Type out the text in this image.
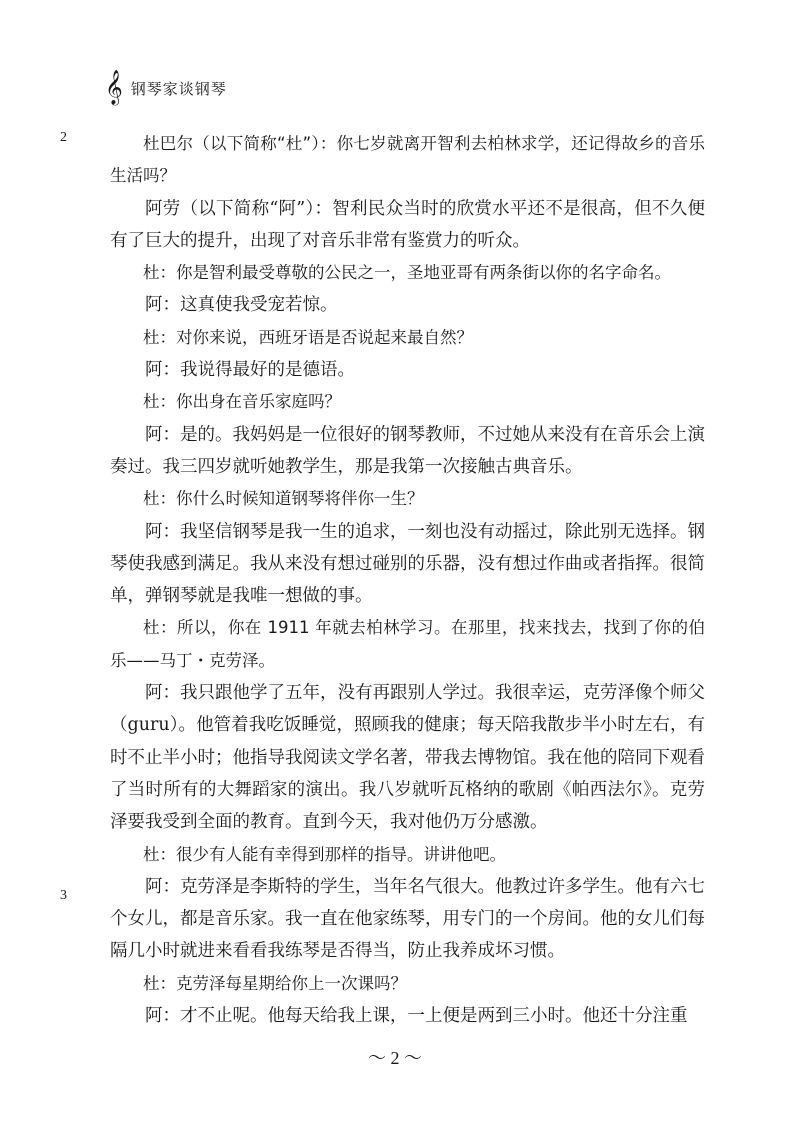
𝄞 钢琴家谈钢琴
2
3

杜巴尔（以下简称“杜”）：你七岁就离开智利去柏林求学，还记得故乡的音乐生活吗？

阿劳（以下简称“阿”）：智利民众当时的欣赏水平还不是很高，但不久便有了巨大的提升，出现了对音乐非常有鉴赏力的听众。

杜：你是智利最受尊敬的公民之一，圣地亚哥有两条街以你的名字命名。

阿：这真使我受宠若惊。

杜：对你来说，西班牙语是否说起来最自然？

阿：我说得最好的是德语。

杜：你出身在音乐家庭吗？

阿：是的。我妈妈是一位很好的钢琴教师，不过她从来没有在音乐会上演奏过。我三四岁就听她教学生，那是我第一次接触古典音乐。

杜：你什么时候知道钢琴将伴你一生？

阿：我坚信钢琴是我一生的追求，一刻也没有动摇过，除此别无选择。钢琴使我感到满足。我从来没有想过碰别的乐器，没有想过作曲或者指挥。很简单，弹钢琴就是我唯一想做的事。

杜：所以，你在 1911 年就去柏林学习。在那里，找来找去，找到了你的伯乐——马丁・克劳泽。

阿：我只跟他学了五年，没有再跟别人学过。我很幸运，克劳泽像个师父（guru）。他管着我吃饭睡觉，照顾我的健康；每天陪我散步半小时左右，有时不止半小时；他指导我阅读文学名著，带我去博物馆。我在他的陪同下观看了当时所有的大舞蹈家的演出。我八岁就听瓦格纳的歌剧《帕西法尔》。克劳泽要我受到全面的教育。直到今天，我对他仍万分感激。

杜：很少有人能有幸得到那样的指导。讲讲他吧。

阿：克劳泽是李斯特的学生，当年名气很大。他教过许多学生。他有六七个女儿，都是音乐家。我一直在他家练琴，用专门的一个房间。他的女儿们每隔几小时就进来看看我练琴是否得当，防止我养成坏习惯。

杜：克劳泽每星期给你上一次课吗？

阿：才不止呢。他每天给我上课，一上便是两到三小时。他还十分注重

～ 2 ～
